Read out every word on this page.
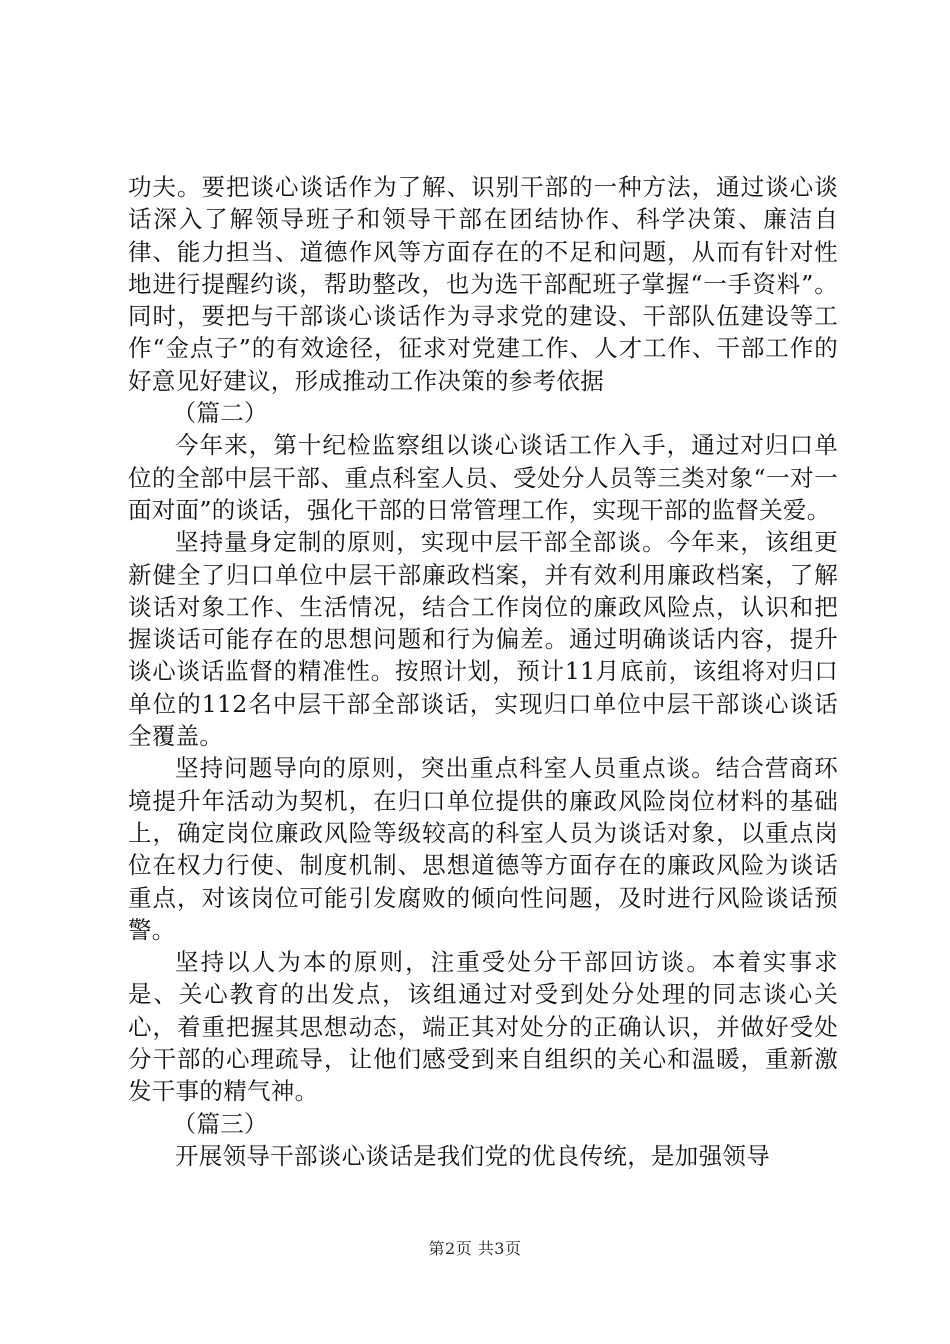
功夫。要把谈心谈话作为了解、识别干部的一种方法，通过谈心谈话深入了解领导班子和领导干部在团结协作、科学决策、廉洁自律、能力担当、道德作风等方面存在的不足和问题，从而有针对性地进行提醒约谈，帮助整改，也为选干部配班子掌握“一手资料”。同时，要把与干部谈心谈话作为寻求党的建设、干部队伍建设等工作“金点子”的有效途径，征求对党建工作、人才工作、干部工作的好意见好建议，形成推动工作决策的参考依据

（篇二）

今年来，第十纪检监察组以谈心谈话工作入手，通过对归口单位的全部中层干部、重点科室人员、受处分人员等三类对象“一对一面对面”的谈话，强化干部的日常管理工作，实现干部的监督关爱。

坚持量身定制的原则，实现中层干部全部谈。今年来，该组更新健全了归口单位中层干部廉政档案，并有效利用廉政档案，了解谈话对象工作、生活情况，结合工作岗位的廉政风险点，认识和把握谈话可能存在的思想问题和行为偏差。通过明确谈话内容，提升谈心谈话监督的精准性。按照计划，预计11月底前，该组将对归口单位的112名中层干部全部谈话，实现归口单位中层干部谈心谈话全覆盖。

坚持问题导向的原则，突出重点科室人员重点谈。结合营商环境提升年活动为契机，在归口单位提供的廉政风险岗位材料的基础上，确定岗位廉政风险等级较高的科室人员为谈话对象，以重点岗位在权力行使、制度机制、思想道德等方面存在的廉政风险为谈话重点，对该岗位可能引发腐败的倾向性问题，及时进行风险谈话预警。

坚持以人为本的原则，注重受处分干部回访谈。本着实事求是、关心教育的出发点，该组通过对受到处分处理的同志谈心关心，着重把握其思想动态，端正其对处分的正确认识，并做好受处分干部的心理疏导，让他们感受到来自组织的关心和温暖，重新激发干事的精气神。

（篇三）

开展领导干部谈心谈话是我们党的优良传统，是加强领导

第2页 共3页
